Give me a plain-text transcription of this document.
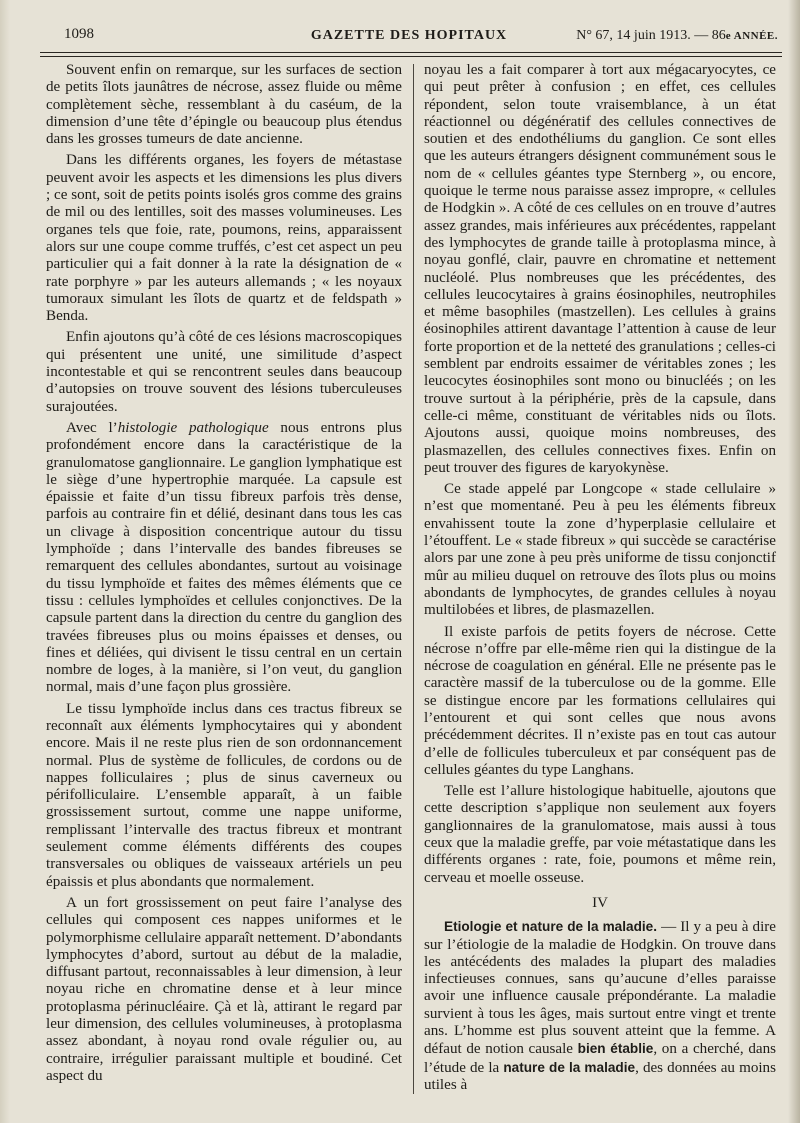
1098	GAZETTE DES HOPITAUX	N° 67, 14 juin 1913. — 86e ANNÉE.

Souvent enfin on remarque, sur les surfaces de section de petits îlots jaunâtres de nécrose, assez fluide ou même complètement sèche, ressemblant à du caséum, de la dimension d’une tête d’épingle ou beaucoup plus étendus dans les grosses tumeurs de date ancienne.

Dans les différents organes, les foyers de métastase peuvent avoir les aspects et les dimensions les plus divers ; ce sont, soit de petits points isolés gros comme des grains de mil ou des lentilles, soit des masses volumineuses. Les organes tels que foie, rate, poumons, reins, apparaissent alors sur une coupe comme truffés, c’est cet aspect un peu particulier qui a fait donner à la rate la désignation de « rate porphyre » par les auteurs allemands ; « les noyaux tumoraux simulant les îlots de quartz et de feldspath » Benda.

Enfin ajoutons qu’à côté de ces lésions macroscopiques qui présentent une unité, une similitude d’aspect incontestable et qui se rencontrent seules dans beaucoup d’autopsies on trouve souvent des lésions tuberculeuses surajoutées.

Avec l’histologie pathologique nous entrons plus profondément encore dans la caractéristique de la granulomatose ganglionnaire. Le ganglion lymphatique est le siège d’une hypertrophie marquée. La capsule est épaissie et faite d’un tissu fibreux parfois très dense, parfois au contraire fin et délié, desinant dans tous les cas un clivage à disposition concentrique autour du tissu lymphoïde ; dans l’intervalle des bandes fibreuses se remarquent des cellules abondantes, surtout au voisinage du tissu lymphoïde et faites des mêmes éléments que ce tissu : cellules lymphoïdes et cellules conjonctives. De la capsule partent dans la direction du centre du ganglion des travées fibreuses plus ou moins épaisses et denses, ou fines et déliées, qui divisent le tissu central en un certain nombre de loges, à la manière, si l’on veut, du ganglion normal, mais d’une façon plus grossière.

Le tissu lymphoïde inclus dans ces tractus fibreux se reconnaît aux éléments lymphocytaires qui y abondent encore. Mais il ne reste plus rien de son ordonnancement normal. Plus de système de follicules, de cordons ou de nappes folliculaires ; plus de sinus caverneux ou périfolliculaire. L’ensemble apparaît, à un faible grossissement surtout, comme une nappe uniforme, remplissant l’intervalle des tractus fibreux et montrant seulement comme éléments différents des coupes transversales ou obliques de vaisseaux artériels un peu épaissis et plus abondants que normalement.

A un fort grossissement on peut faire l’analyse des cellules qui composent ces nappes uniformes et le polymorphisme cellulaire apparaît nettement. D’abondants lymphocytes d’abord, surtout au début de la maladie, diffusant partout, reconnaissables à leur dimension, à leur noyau riche en chromatine dense et à leur mince protoplasma périnucléaire. Çà et là, attirant le regard par leur dimension, des cellules volumineuses, à protoplasma assez abondant, à noyau rond ovale régulier ou, au contraire, irrégulier paraissant multiple et boudiné. Cet aspect du

noyau les a fait comparer à tort aux mégacaryocytes, ce qui peut prêter à confusion ; en effet, ces cellules répondent, selon toute vraisemblance, à un état réactionnel ou dégénératif des cellules connectives de soutien et des endothéliums du ganglion. Ce sont elles que les auteurs étrangers désignent communément sous le nom de « cellules géantes type Sternberg », ou encore, quoique le terme nous paraisse assez impropre, « cellules de Hodgkin ». A côté de ces cellules on en trouve d’autres assez grandes, mais inférieures aux précédentes, rappelant des lymphocytes de grande taille à protoplasma mince, à noyau gonflé, clair, pauvre en chromatine et nettement nucléolé. Plus nombreuses que les précédentes, des cellules leucocytaires à grains éosinophiles, neutrophiles et même basophiles (mastzellen). Les cellules à grains éosinophiles attirent davantage l’attention à cause de leur forte proportion et de la netteté des granulations ; celles-ci semblent par endroits essaimer de véritables zones ; les leucocytes éosinophiles sont mono ou binucléés ; on les trouve surtout à la périphérie, près de la capsule, dans celle-ci même, constituant de véritables nids ou îlots. Ajoutons aussi, quoique moins nombreuses, des plasmazellen, des cellules connectives fixes. Enfin on peut trouver des figures de karyokynèse.

Ce stade appelé par Longcope « stade cellulaire » n’est que momentané. Peu à peu les éléments fibreux envahissent toute la zone d’hyperplasie cellulaire et l’étouffent. Le « stade fibreux » qui succède se caractérise alors par une zone à peu près uniforme de tissu conjonctif mûr au milieu duquel on retrouve des îlots plus ou moins abondants de lymphocytes, de grandes cellules à noyau multilobées et libres, de plasmazellen.

Il existe parfois de petits foyers de nécrose. Cette nécrose n’offre par elle-même rien qui la distingue de la nécrose de coagulation en général. Elle ne présente pas le caractère massif de la tuberculose ou de la gomme. Elle se distingue encore par les formations cellulaires qui l’entourent et qui sont celles que nous avons précédemment décrites. Il n’existe pas en tout cas autour d’elle de follicules tuberculeux et par conséquent pas de cellules géantes du type Langhans.

Telle est l’allure histologique habituelle, ajoutons que cette description s’applique non seulement aux foyers ganglionnaires de la granulomatose, mais aussi à tous ceux que la maladie greffe, par voie métastatique dans les différents organes : rate, foie, poumons et même rein, cerveau et moelle osseuse.

IV

Etiologie et nature de la maladie. — Il y a peu à dire sur l’étiologie de la maladie de Hodgkin. On trouve dans les antécédents des malades la plupart des maladies infectieuses connues, sans qu’aucune d’elles paraisse avoir une influence causale prépondérante. La maladie survient à tous les âges, mais surtout entre vingt et trente ans. L’homme est plus souvent atteint que la femme. A défaut de notion causale bien établie, on a cherché, dans l’étude de la nature de la maladie, des données au moins utiles à
